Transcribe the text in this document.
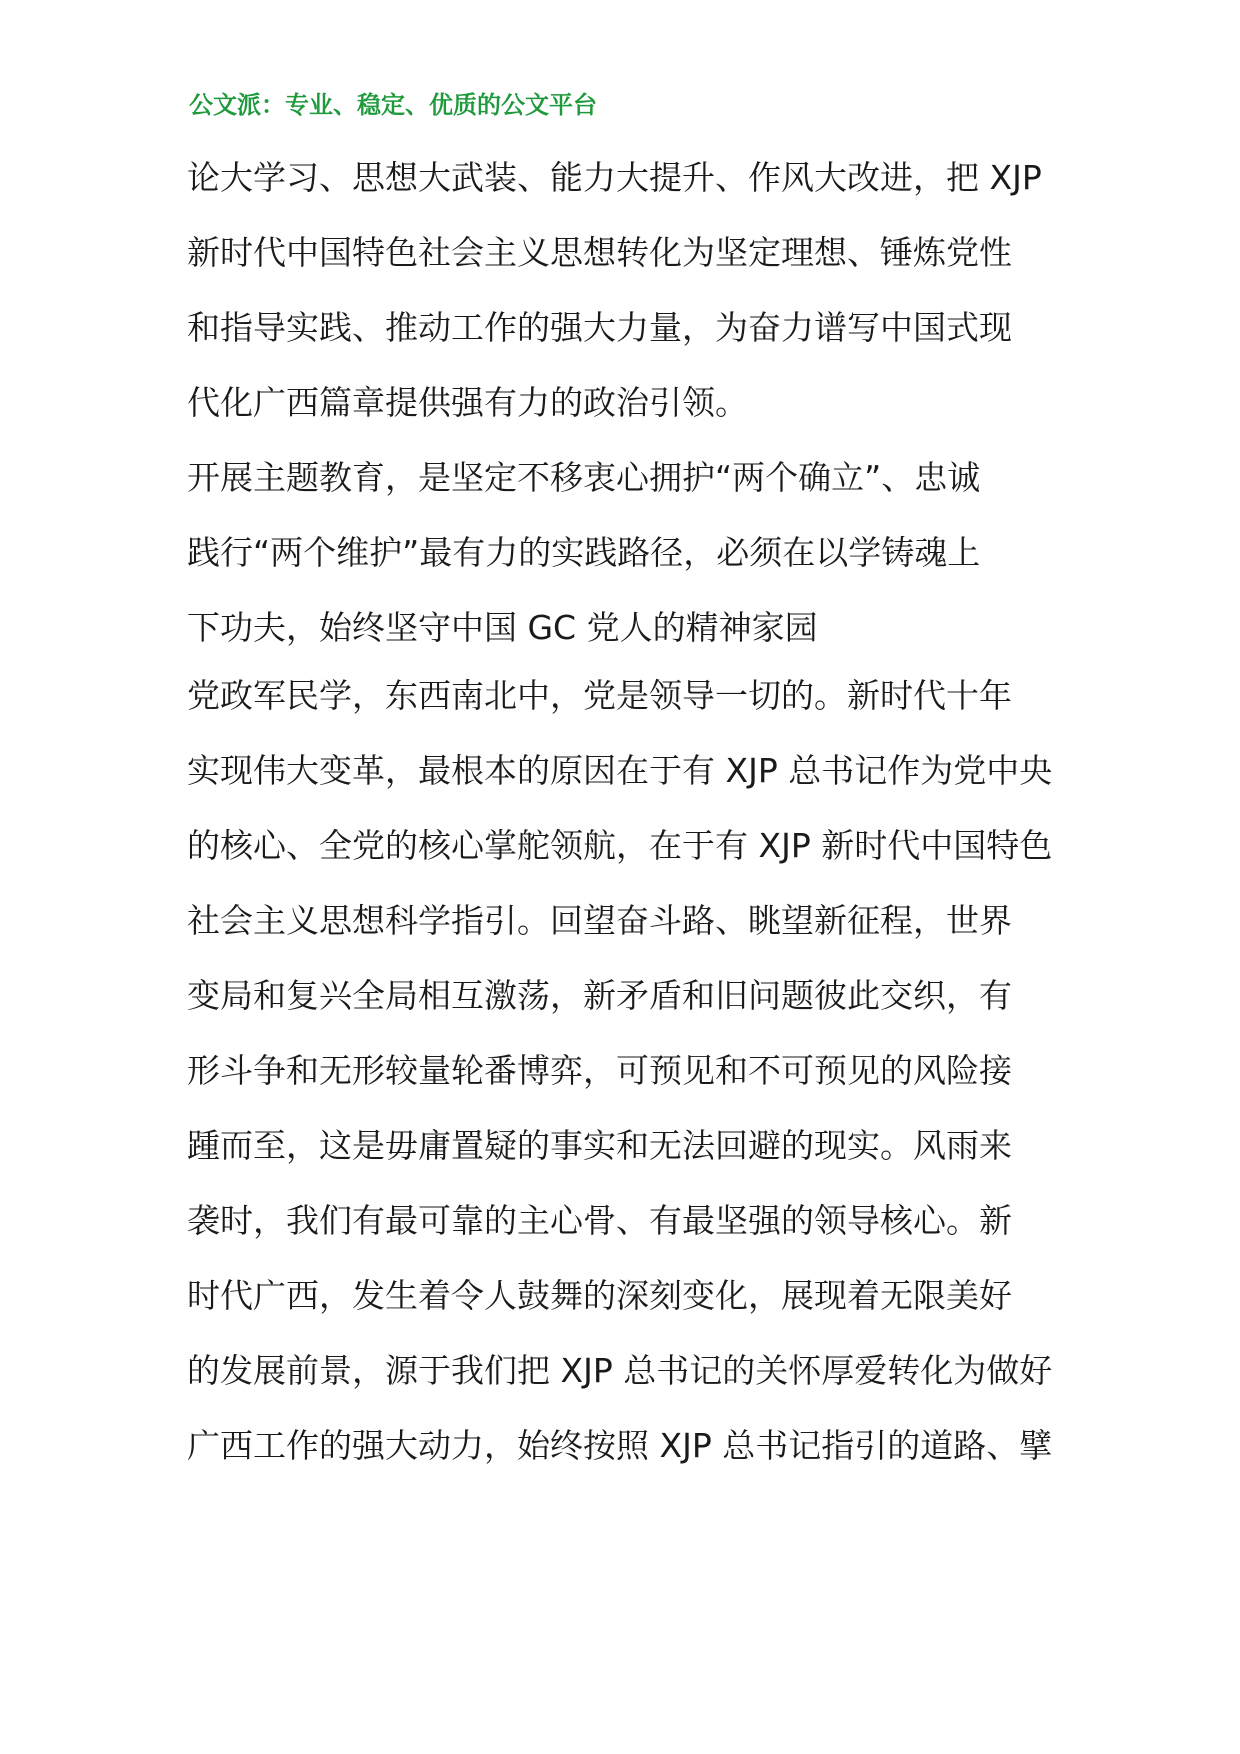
公文派：专业、稳定、优质的公文平台
论大学习、思想大武装、能力大提升、作风大改进，把 XJP
新时代中国特色社会主义思想转化为坚定理想、锤炼党性
和指导实践、推动工作的强大力量，为奋力谱写中国式现
代化广西篇章提供强有力的政治引领。
开展主题教育，是坚定不移衷心拥护“两个确立”、忠诚
践行“两个维护”最有力的实践路径，必须在以学铸魂上
下功夫，始终坚守中国 GC 党人的精神家园
党政军民学，东西南北中，党是领导一切的。新时代十年
实现伟大变革，最根本的原因在于有 XJP 总书记作为党中央
的核心、全党的核心掌舵领航，在于有 XJP 新时代中国特色
社会主义思想科学指引。回望奋斗路、眺望新征程，世界
变局和复兴全局相互激荡，新矛盾和旧问题彼此交织，有
形斗争和无形较量轮番博弈，可预见和不可预见的风险接
踵而至，这是毋庸置疑的事实和无法回避的现实。风雨来
袭时，我们有最可靠的主心骨、有最坚强的领导核心。新
时代广西，发生着令人鼓舞的深刻变化，展现着无限美好
的发展前景，源于我们把 XJP 总书记的关怀厚爱转化为做好
广西工作的强大动力，始终按照 XJP 总书记指引的道路、擘
